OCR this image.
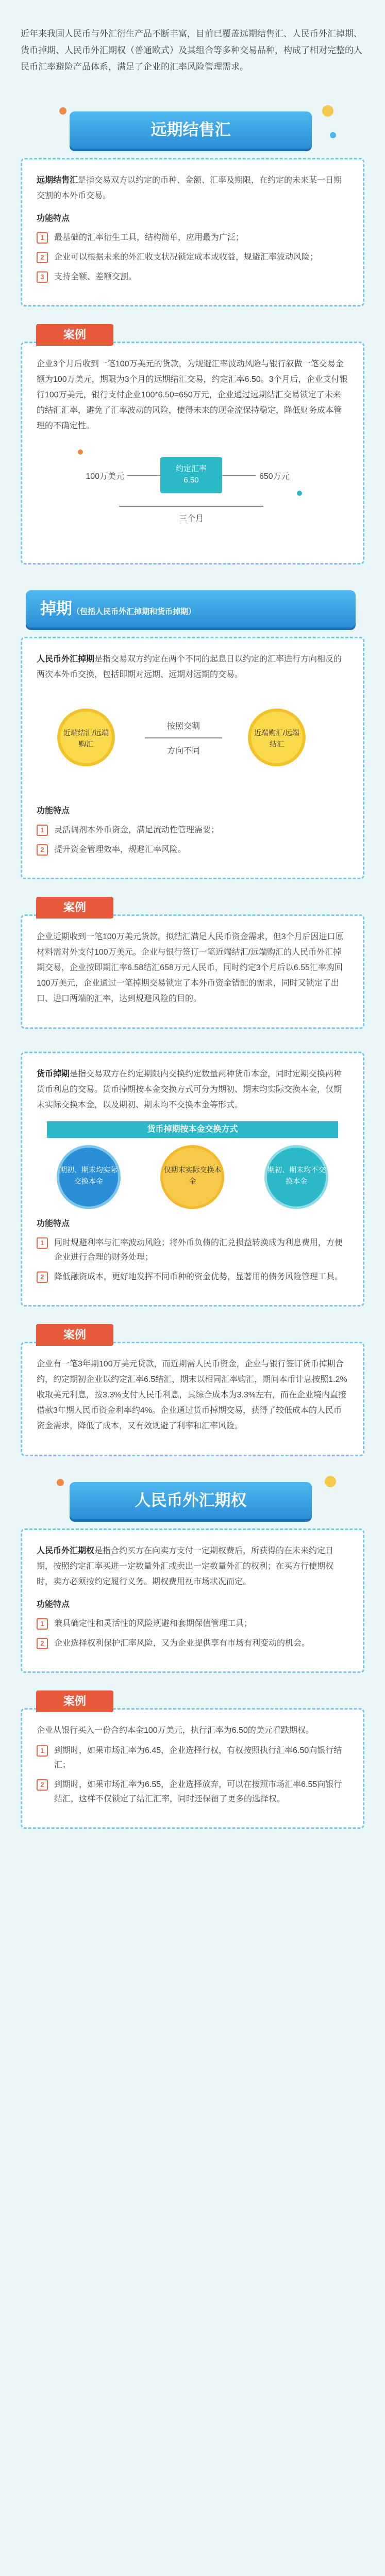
近年来我国人民币与外汇衍生产品不断丰富，目前已覆盖远期结售汇、人民币外汇掉期、货币掉期、人民币外汇期权（普通欧式）及其组合等多种交易品种，构成了相对完整的人民币汇率避险产品体系，满足了企业的汇率风险管理需求。

远期结售汇

远期结售汇是指交易双方以约定的币种、金额、汇率及期限，在约定的未来某一日期交割的本外币交易。

功能特点
1	最基础的汇率衍生工具，结构简单，应用最为广泛；
2	企业可以根据未来的外汇收支状况锁定成本或收益，规避汇率波动风险；
3	支持全额、差额交割。
案例

企业3个月后收到一笔100万美元的货款，为规避汇率波动风险与银行叙做一笔交易金额为100万美元，期限为3个月的远期结汇交易，约定汇率6.50。3个月后，企业支付银行100万美元，银行支付企业100*6.50=650万元，企业通过远期结汇交易锁定了未来的结汇汇率，避免了汇率波动的风险，使得未来的现金流保持稳定，降低财务成本管理的不确定性。

100万美元
约定汇率
6.50	650万元
三个月
掉期（包括人民币外汇掉期和货币掉期）

人民币外汇掉期是指交易双方约定在两个不同的起息日以约定的汇率进行方向相反的两次本外币交换，包括即期对远期、远期对远期的交易。

近端结汇/远端购汇
按照交割
方向不同
近端购汇/远端结汇
功能特点
1	灵活调剂本外币资金，满足流动性管理需要；
2	提升资金管理效率，规避汇率风险。
案例

企业近期收到一笔100万美元货款，拟结汇满足人民币资金需求，但3个月后因进口原材料需对外支付100万美元。企业与银行签订一笔近端结汇/远端购汇的人民币外汇掉期交易，企业按即期汇率6.58结汇658万元人民币，同时约定3个月后以6.55汇率购回100万美元，企业通过一笔掉期交易锁定了本外币资金错配的需求，同时又锁定了出口、进口两端的汇率，达到规避风险的目的。

货币掉期是指交易双方在约定期限内交换约定数量两种货币本金，同时定期交换两种货币利息的交易。货币掉期按本金交换方式可分为期初、期末均实际交换本金，仅期末实际交换本金，以及期初、期末均不交换本金等形式。

货币掉期按本金交换方式
期初、期末均实际交换本金
仅期末实际交换本金
期初、期末均不交换本金
功能特点
1	同时规避利率与汇率波动风险；将外币负债的汇兑损益转换成为利息费用，方便企业进行合理的财务处理；
2	降低融资成本，更好地发挥不同币种的资金优势，显著用的债务风险管理工具。
案例

企业有一笔3年期100万美元贷款，而近期需人民币资金，企业与银行签订货币掉期合约，约定期初企业以约定汇率6.5结汇，期末以相同汇率购汇，期间本币计息按照1.2%收取美元利息，按3.3%支付人民币利息，其综合成本为3.3%左右，而在企业境内直接借款3年期人民币资金利率约4%。企业通过货币掉期交易，获得了较低成本的人民币资金需求，降低了成本，又有效规避了利率和汇率风险。

人民币外汇期权

人民币外汇期权是指合约买方在向卖方支付一定期权费后，所获得的在未来约定日期，按照约定汇率买进一定数量外汇或卖出一定数量外汇的权利；在买方行使期权时，卖方必须按约定履行义务。期权费用视市场状况而定。

功能特点
1	兼具确定性和灵活性的风险规避和套期保值管理工具；
2	企业选择权利保护汇率风险，又为企业提供享有市场有利变动的机会。
案例

企业从银行买入一份合约本金100万美元，执行汇率为6.50的美元看跌期权。

1	到期时，如果市场汇率为6.45，企业选择行权，有权按照执行汇率6.50向银行结汇；
2	到期时，如果市场汇率为6.55，企业选择放弃，可以在按照市场汇率6.55向银行结汇，这样不仅锁定了结汇汇率，同时还保留了更多的选择权。
